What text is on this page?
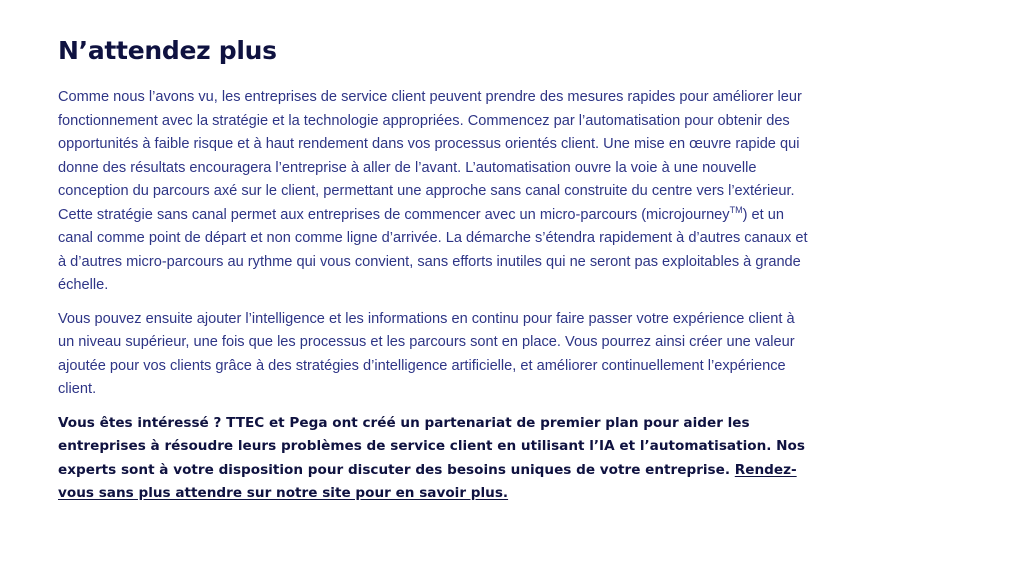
N’attendez plus

Comme nous l’avons vu, les entreprises de service client peuvent prendre des mesures rapides pour améliorer leur fonctionnement avec la stratégie et la technologie appropriées. Commencez par l’automatisation pour obtenir des opportunités à faible risque et à haut rendement dans vos processus orientés client. Une mise en œuvre rapide qui donne des résultats encouragera l’entreprise à aller de l’avant. L’automatisation ouvre la voie à une nouvelle conception du parcours axé sur le client, permettant une approche sans canal construite du centre vers l’extérieur. Cette stratégie sans canal permet aux entreprises de commencer avec un micro-parcours (microjourney™) et un canal comme point de départ et non comme ligne d’arrivée. La démarche s’étendra rapidement à d’autres canaux et à d’autres micro-parcours au rythme qui vous convient, sans efforts inutiles qui ne seront pas exploitables à grande échelle.

Vous pouvez ensuite ajouter l’intelligence et les informations en continu pour faire passer votre expérience client à un niveau supérieur, une fois que les processus et les parcours sont en place. Vous pourrez ainsi créer une valeur ajoutée pour vos clients grâce à des stratégies d’intelligence artificielle, et améliorer continuellement l’expérience client.

Vous êtes intéressé ? TTEC et Pega ont créé un partenariat de premier plan pour aider les entreprises à résoudre leurs problèmes de service client en utilisant l’IA et l’automatisation. Nos experts sont à votre disposition pour discuter des besoins uniques de votre entreprise. Rendez-vous sans plus attendre sur notre site pour en savoir plus.
